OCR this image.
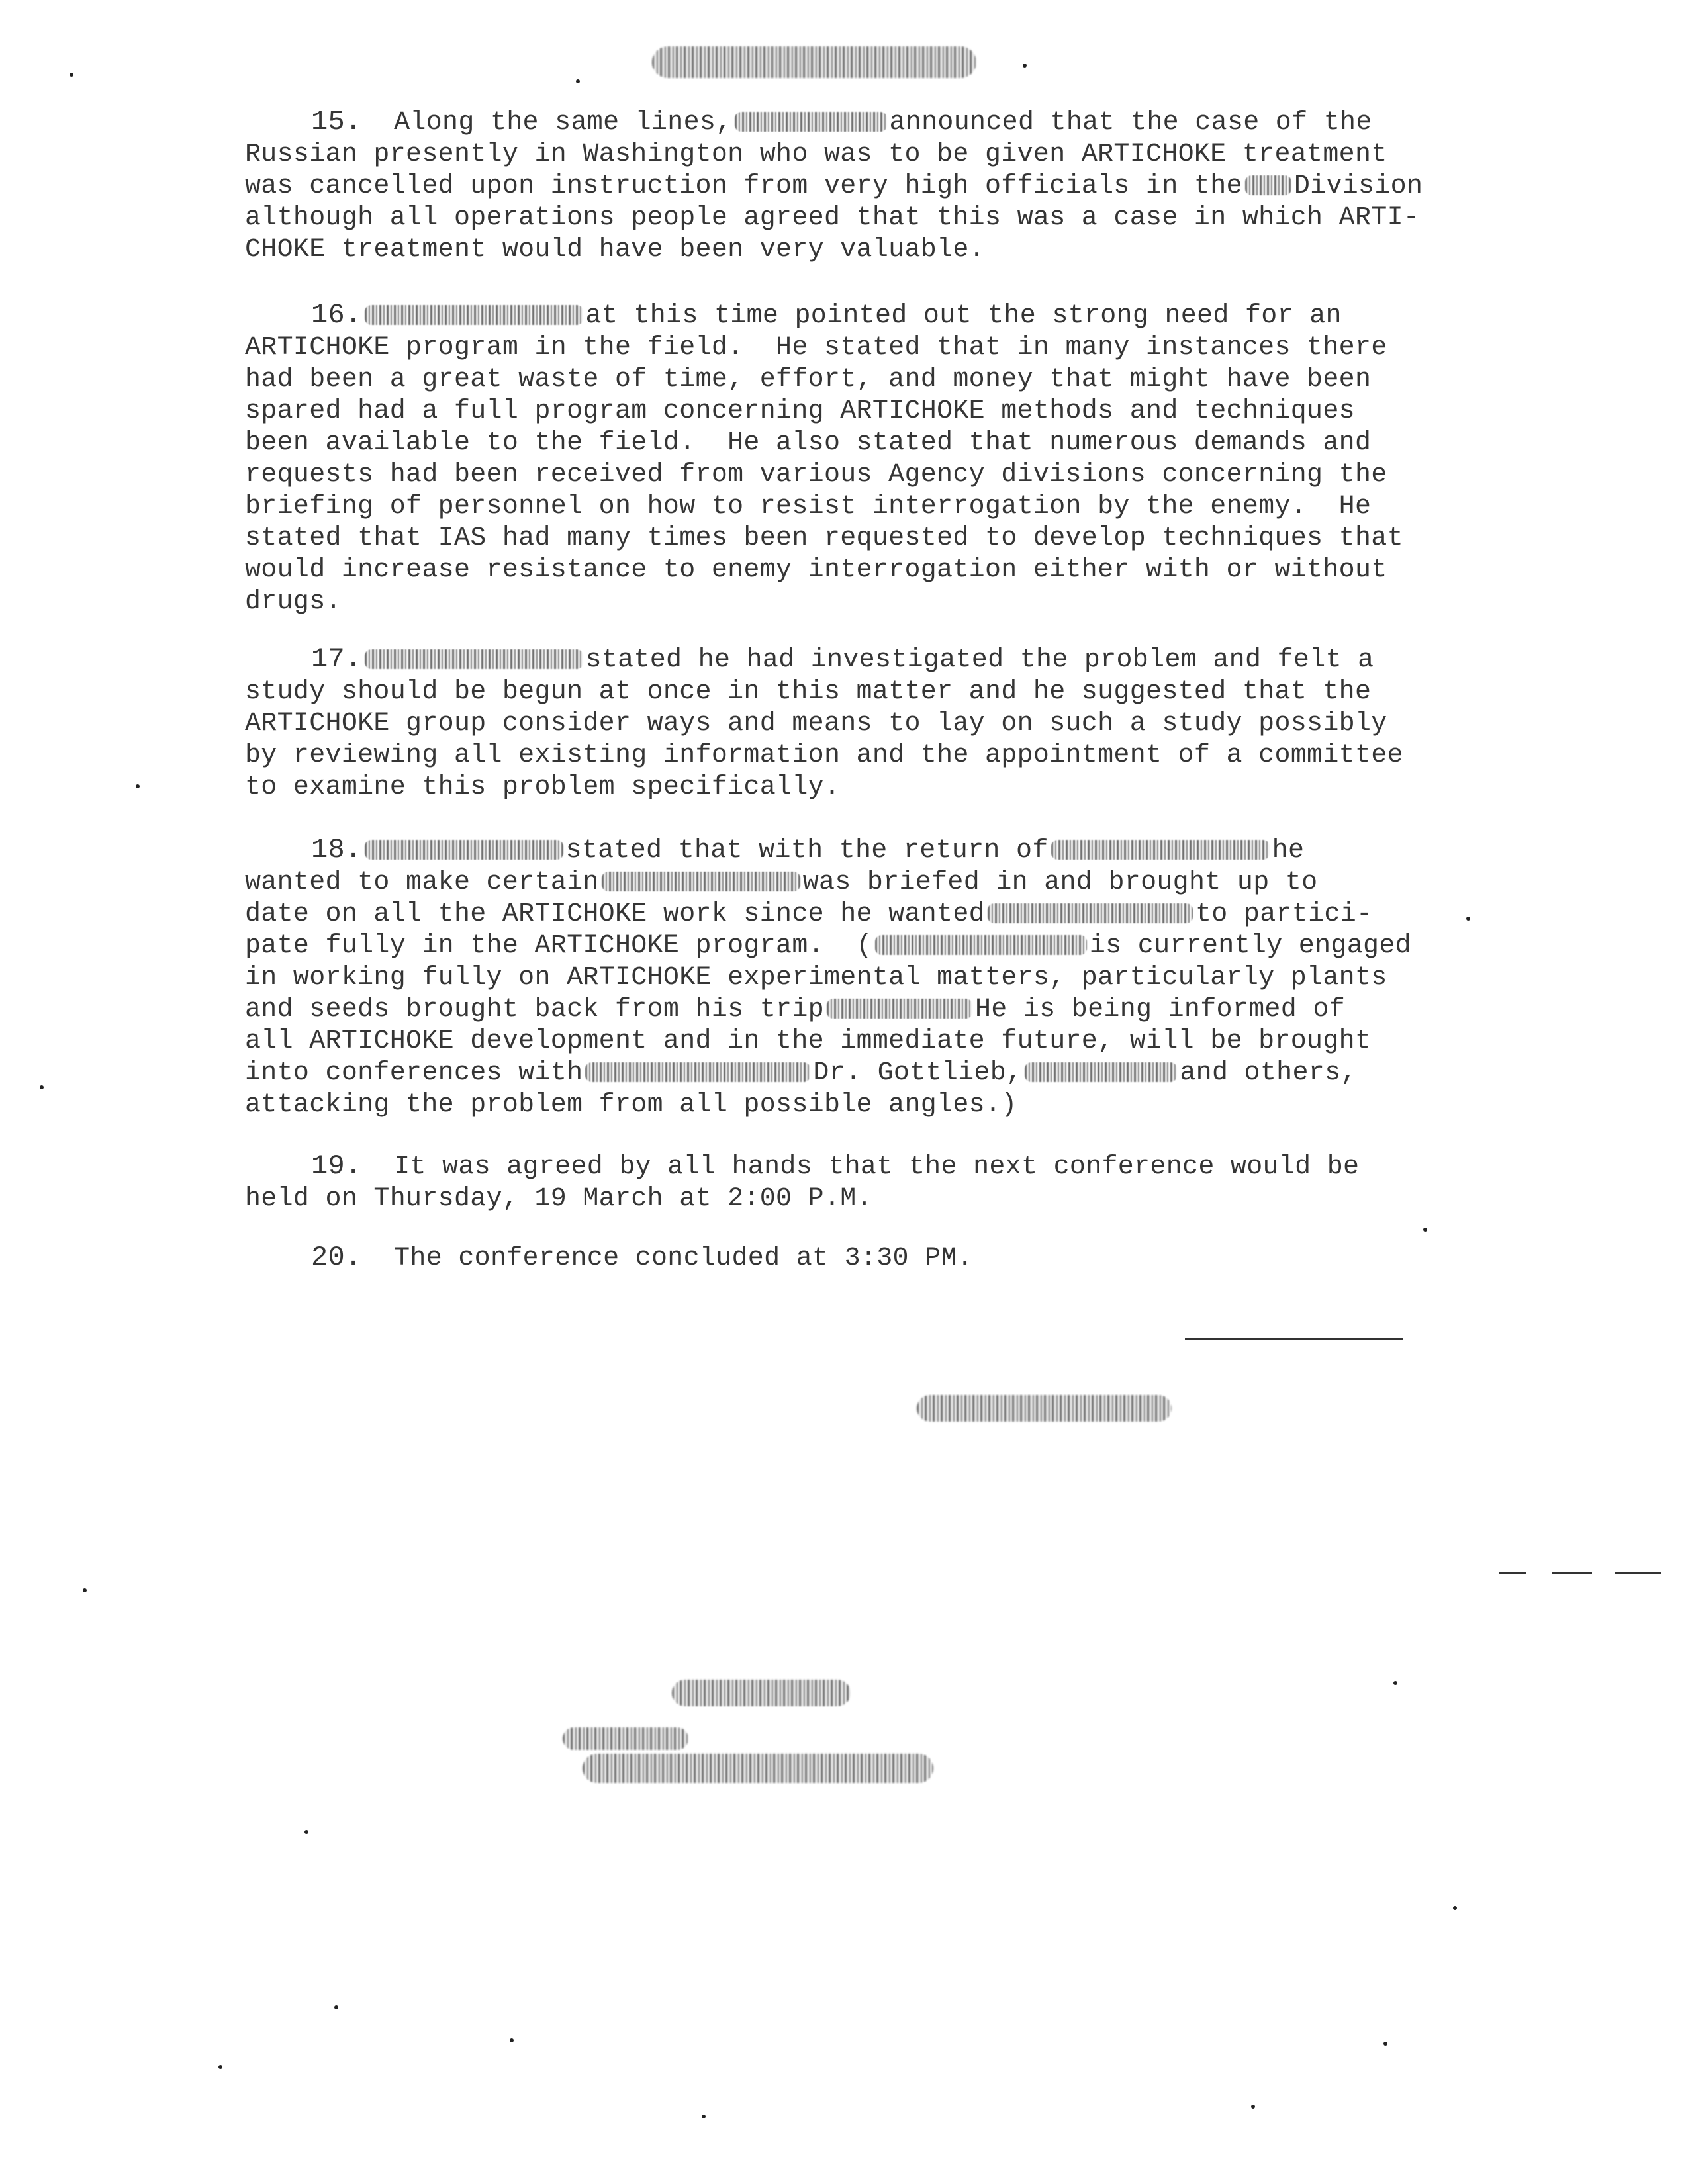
15.  Along the same lines,	announced that the case of the
Russian presently in Washington who was to be given ARTICHOKE treatment
was cancelled upon instruction from very high officials in the Division
although all operations people agreed that this was a case in which ARTI-
CHOKE treatment would have been very valuable.
16.	at this time pointed out the strong need for an
ARTICHOKE program in the field.  He stated that in many instances there
had been a great waste of time, effort, and money that might have been
spared had a full program concerning ARTICHOKE methods and techniques
been available to the field.  He also stated that numerous demands and
requests had been received from various Agency divisions concerning the
briefing of personnel on how to resist interrogation by the enemy.  He
stated that IAS had many times been requested to develop techniques that
would increase resistance to enemy interrogation either with or without
drugs.
17.	stated he had investigated the problem and felt a
study should be begun at once in this matter and he suggested that the
ARTICHOKE group consider ways and means to lay on such a study possibly
by reviewing all existing information and the appointment of a committee
to examine this problem specifically.
18.	stated that with the return of	he
wanted to make certain	was briefed in and brought up to
date on all the ARTICHOKE work since he wanted	to partici-
pate fully in the ARTICHOKE program.  (	is currently engaged
in working fully on ARTICHOKE experimental matters, particularly plants
and seeds brought back from his trip	He is being informed of
all ARTICHOKE development and in the immediate future, will be brought
into conferences with	Dr. Gottlieb,	and others,
attacking the problem from all possible angles.)
19.  It was agreed by all hands that the next conference would be
held on Thursday, 19 March at 2:00 P.M.
20.  The conference concluded at 3:30 PM.
